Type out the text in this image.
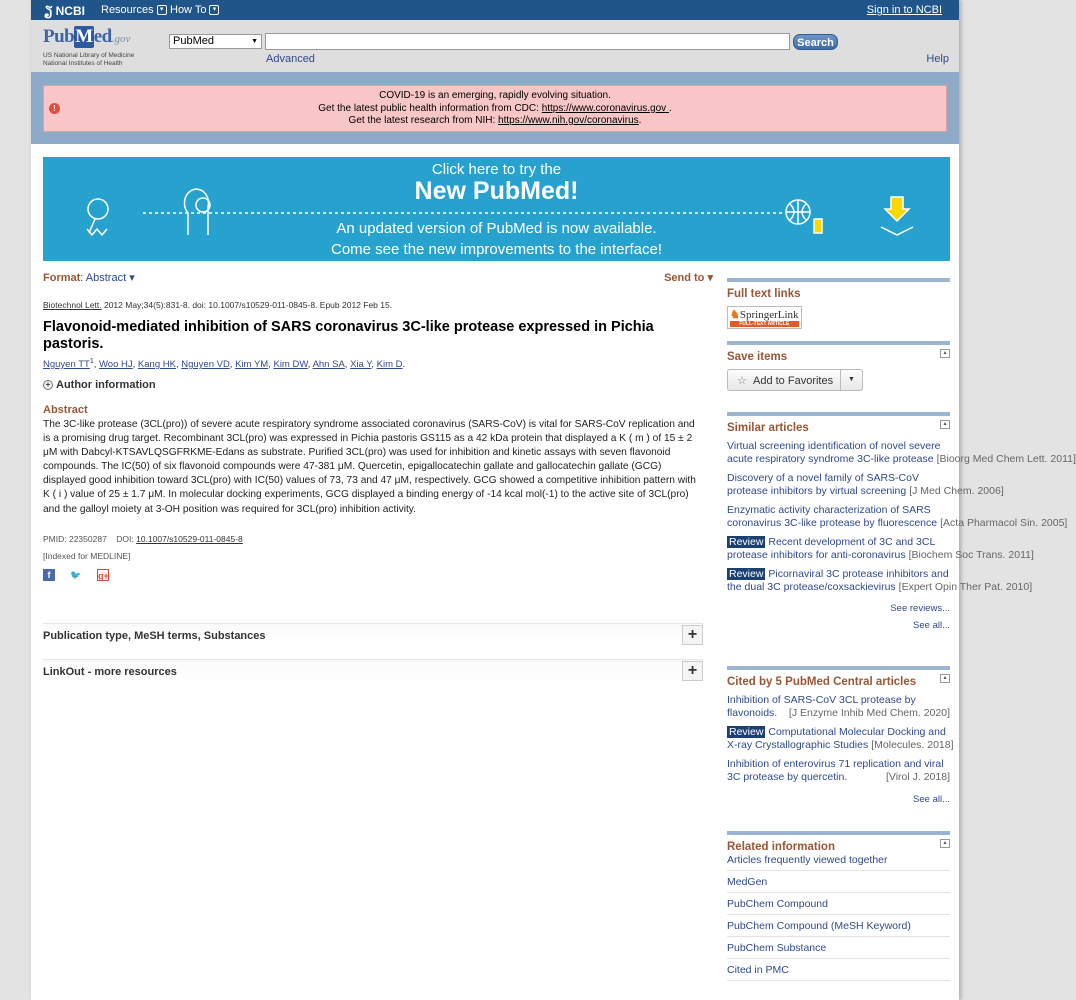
ຽ NCBI Resources ▾ How To ▾	Sign in to NCBI
PubMed.gov
US National Library of Medicine
National Institutes of Health
PubMed	▼	Search
Advanced	Help
!
COVID-19 is an emerging, rapidly evolving situation.
Get the latest public health information from CDC: https://www.coronavirus.gov .
Get the latest research from NIH: https://www.nih.gov/coronavirus.
Click here to try the
New PubMed!
An updated version of PubMed is now available.
Come see the new improvements to the interface!
Format: Abstract ▾	Send to ▾
Biotechnol Lett. 2012 May;34(5):831-8. doi: 10.1007/s10529-011-0845-8. Epub 2012 Feb 15.
Flavonoid-mediated inhibition of SARS coronavirus 3C-like protease expressed in Pichia pastoris.
Nguyen $TT^1$, Woo HJ, Kang HK, Nguyen VD, Kim YM, Kim DW, Ahn SA, Xia Y, Kim D.
+ Author information
Abstract
The 3C-like protease (3CL(pro)) of severe acute respiratory syndrome associated coronavirus (SARS-CoV) is vital for SARS-CoV replication and is a promising drug target. Recombinant 3CL(pro) was expressed in Pichia pastoris GS115 as a 42 kDa protein that displayed a K ( m ) of 15 ± 2 μM with Dabcyl-KTSAVLQSGFRKME-Edans as substrate. Purified 3CL(pro) was used for inhibition and kinetic assays with seven flavonoid compounds. The IC(50) of six flavonoid compounds were 47-381 μM. Quercetin, epigallocatechin gallate and gallocatechin gallate (GCG) displayed good inhibition toward 3CL(pro) with IC(50) values of 73, 73 and 47 μM, respectively. GCG showed a competitive inhibition pattern with K ( i ) value of 25 ± 1.7 μM. In molecular docking experiments, GCG displayed a binding energy of -14 kcal mol(-1) to the active site of 3CL(pro) and the galloyl moiety at 3-OH position was required for 3CL(pro) inhibition activity.
PMID: 22350287 DOI: 10.1007/s10529-011-0845-8
[Indexed for MEDLINE]
f	🐦 g+
Publication type, MeSH terms, Substances	+
LinkOut - more resources	+
Full text links
♞SpringerLink
FULL-TEXT ARTICLE
Save items	▴
☆ Add to Favorites	▼
Similar articles	▴
Virtual screening identification of novel severe
acute respiratory syndrome 3C-like protease [Bioorg Med Chem Lett. 2011]
Discovery of a novel family of SARS-CoV
protease inhibitors by virtual screening [J Med Chem. 2006]
Enzymatic activity characterization of SARS
coronavirus 3C-like protease by fluorescence [Acta Pharmacol Sin. 2005]
Review Recent development of 3C and 3CL
protease inhibitors for anti-coronavirus [Biochem Soc Trans. 2011]
Review Picornaviral 3C protease inhibitors and
the dual 3C protease/coxsackievirus [Expert Opin Ther Pat. 2010]
See reviews...
See all...
Cited by 5 PubMed Central articles	▴
Inhibition of SARS-CoV 3CL protease by
flavonoids.	[J Enzyme Inhib Med Chem. 2020]
Review Computational Molecular Docking and
X-ray Crystallographic Studies [Molecules. 2018]
Inhibition of enterovirus 71 replication and viral
3C protease by quercetin.	[Virol J. 2018]
See all...
Related information	▴
Articles frequently viewed together
MedGen
PubChem Compound
PubChem Compound (MeSH Keyword)
PubChem Substance
Cited in PMC
